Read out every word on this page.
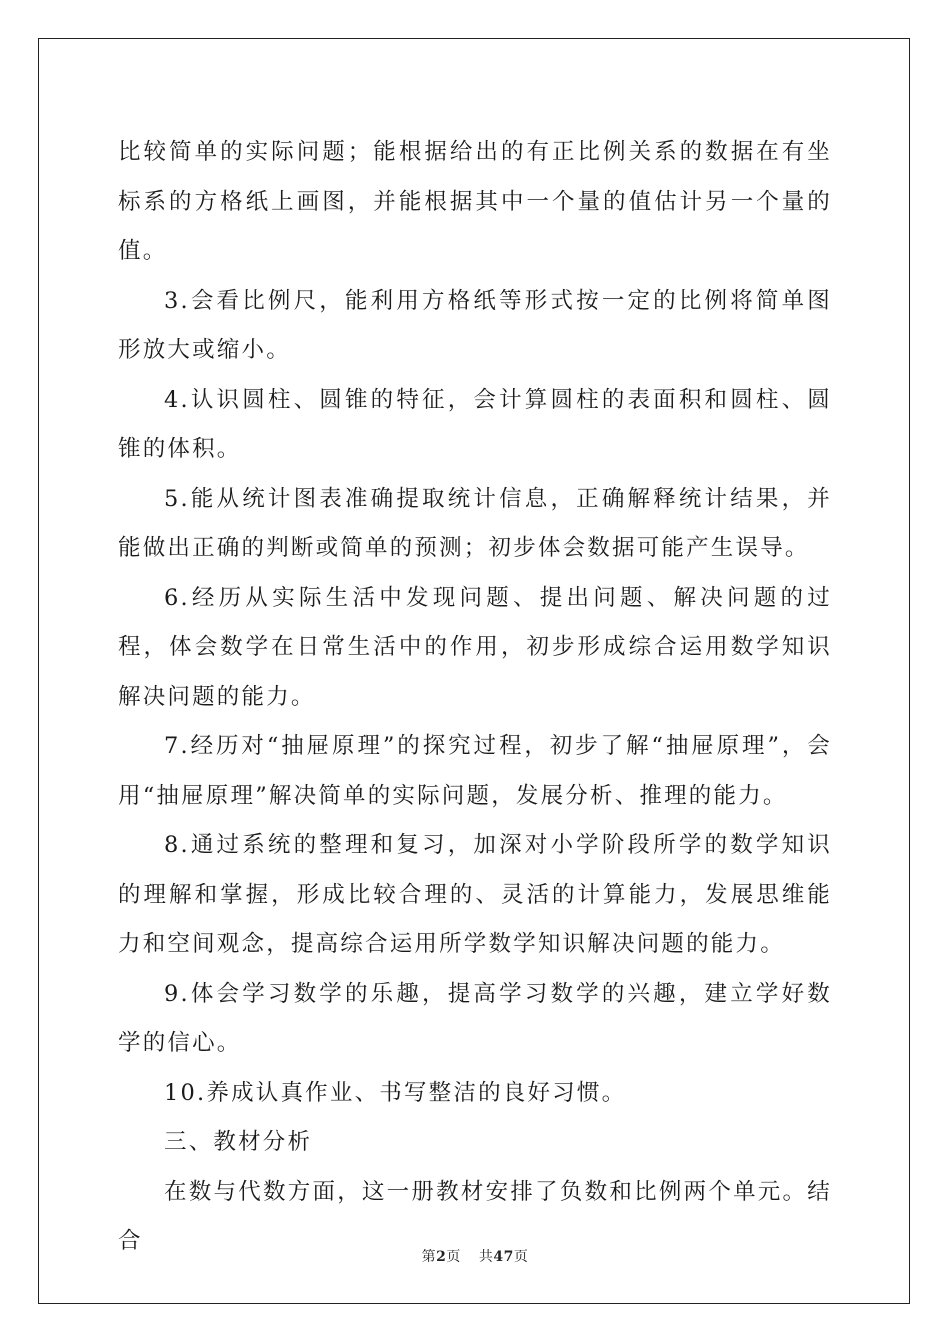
比较简单的实际问题；能根据给出的有正比例关系的数据在有坐标系的方格纸上画图，并能根据其中一个量的值估计另一个量的值。

3.会看比例尺，能利用方格纸等形式按一定的比例将简单图形放大或缩小。

4.认识圆柱、圆锥的特征，会计算圆柱的表面积和圆柱、圆锥的体积。

5.能从统计图表准确提取统计信息，正确解释统计结果，并能做出正确的判断或简单的预测；初步体会数据可能产生误导。

6.经历从实际生活中发现问题、提出问题、解决问题的过程，体会数学在日常生活中的作用，初步形成综合运用数学知识解决问题的能力。

7.经历对“抽屉原理”的探究过程，初步了解“抽屉原理”，会用“抽屉原理”解决简单的实际问题，发展分析、推理的能力。

8.通过系统的整理和复习，加深对小学阶段所学的数学知识的理解和掌握，形成比较合理的、灵活的计算能力，发展思维能力和空间观念，提高综合运用所学数学知识解决问题的能力。

9.体会学习数学的乐趣，提高学习数学的兴趣，建立学好数学的信心。

10.养成认真作业、书写整洁的良好习惯。

三、教材分析

在数与代数方面，这一册教材安排了负数和比例两个单元。结合

第2页 共47页
